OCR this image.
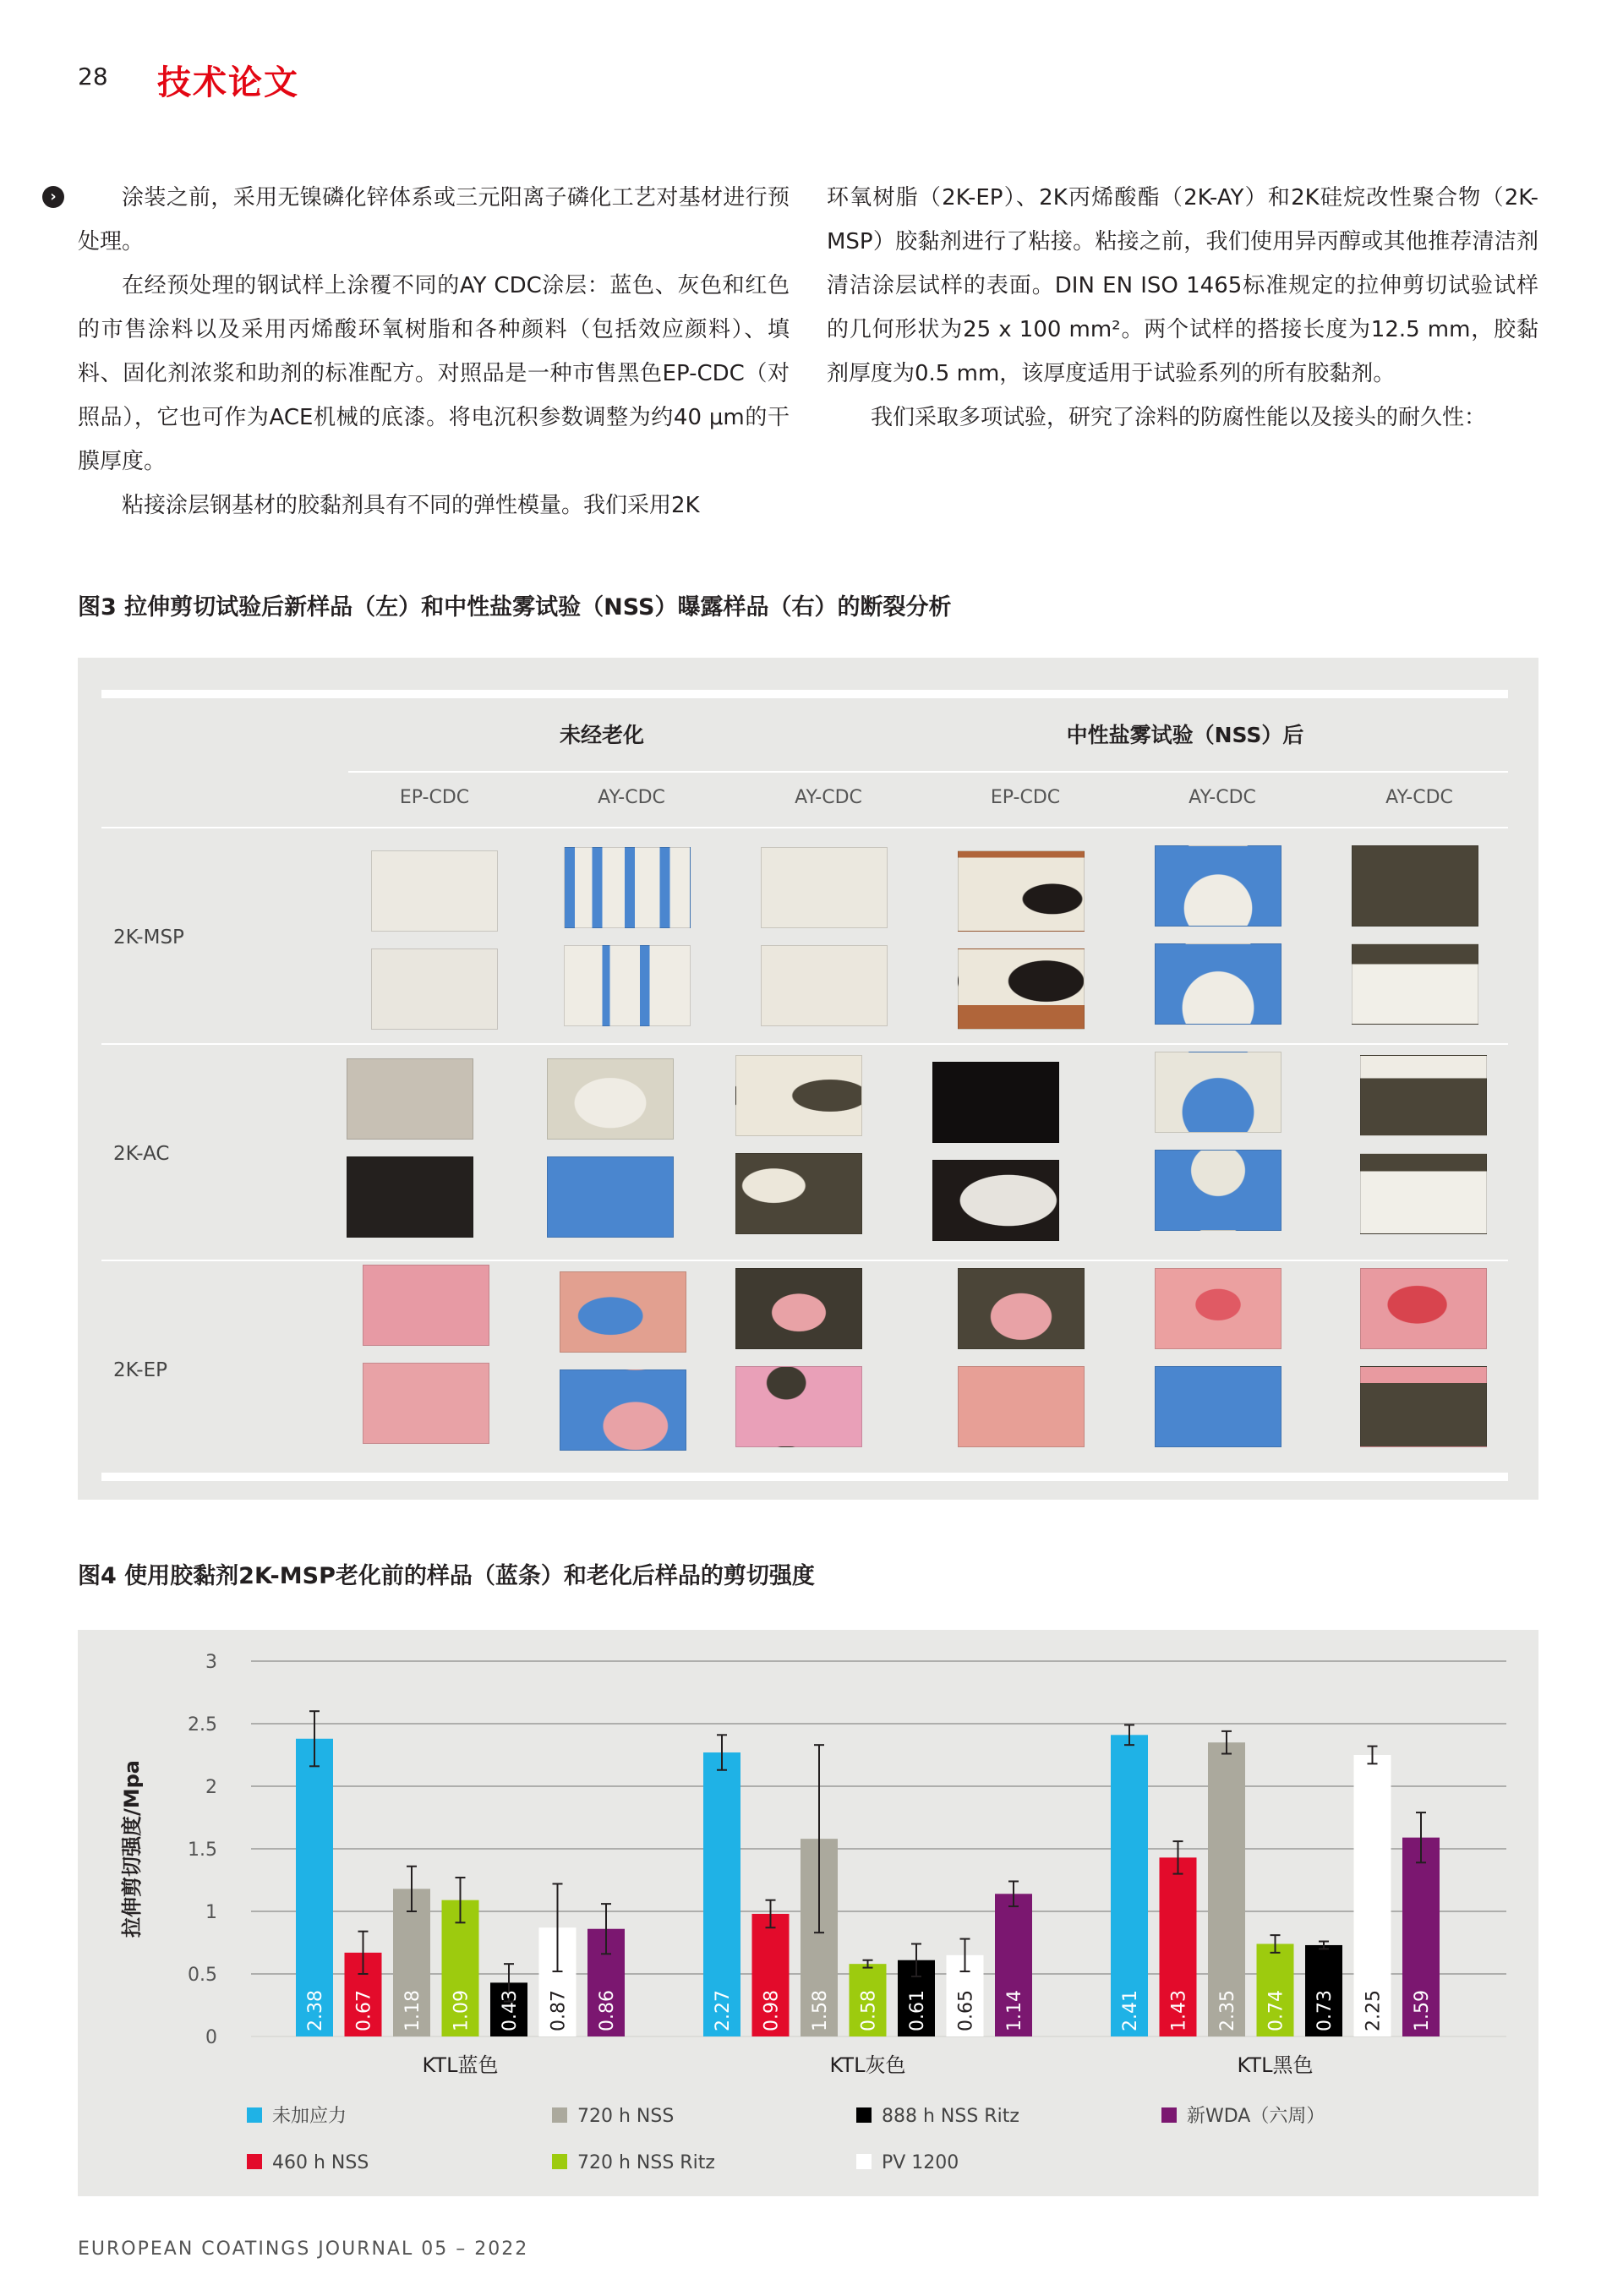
28 技术论文
›	涂装之前，采用无镍磷化锌体系或三元阳离子磷化工艺对基材进行预处理。

在经预处理的钢试样上涂覆不同的AY CDC涂层：蓝色、灰色和红色的市售涂料以及采用丙烯酸环氧树脂和各种颜料（包括效应颜料）、填料、固化剂浓浆和助剂的标准配方。对照品是一种市售黑色EP-CDC（对照品），它也可作为ACE机械的底漆。将电沉积参数调整为约40 μm的干膜厚度。

粘接涂层钢基材的胶黏剂具有不同的弹性模量。我们采用2K

环氧树脂（2K-EP）、2K丙烯酸酯（2K-AY）和2K硅烷改性聚合物（2K-MSP）胶黏剂进行了粘接。粘接之前，我们使用异丙醇或其他推荐清洁剂清洁涂层试样的表面。DIN EN ISO 1465标准规定的拉伸剪切试验试样的几何形状为25 x 100 mm²。两个试样的搭接长度为12.5 mm，胶黏剂厚度为0.5 mm，该厚度适用于试验系列的所有胶黏剂。

我们采取多项试验，研究了涂料的防腐性能以及接头的耐久性：

图3 拉伸剪切试验后新样品（左）和中性盐雾试验（NSS）曝露样品（右）的断裂分析
未经老化	中性盐雾试验（NSS）后
EP-CDC	AY-CDC	AY-CDC	EP-CDC	AY-CDC	AY-CDC
2K-MSP
2K-AC
2K-EP
图4 使用胶黏剂2K-MSP老化前的样品（蓝条）和老化后样品的剪切强度
0
0.5
1
1.5
2
2.5
3
拉伸剪切强度/Mpa
2.38 0.67 1.18 1.09 0.43 0.87 0.86
KTL蓝色
2.27 0.98 1.58 0.58 0.61 0.65 1.14
KTL灰色
2.41 1.43 2.35 0.74 0.73 2.25 1.59
KTL黑色
未加应力
460 h NSS
720 h NSS
720 h NSS Ritz
888 h NSS Ritz
PV 1200
新WDA（六周）
EUROPEAN COATINGS JOURNAL 05 – 2022
